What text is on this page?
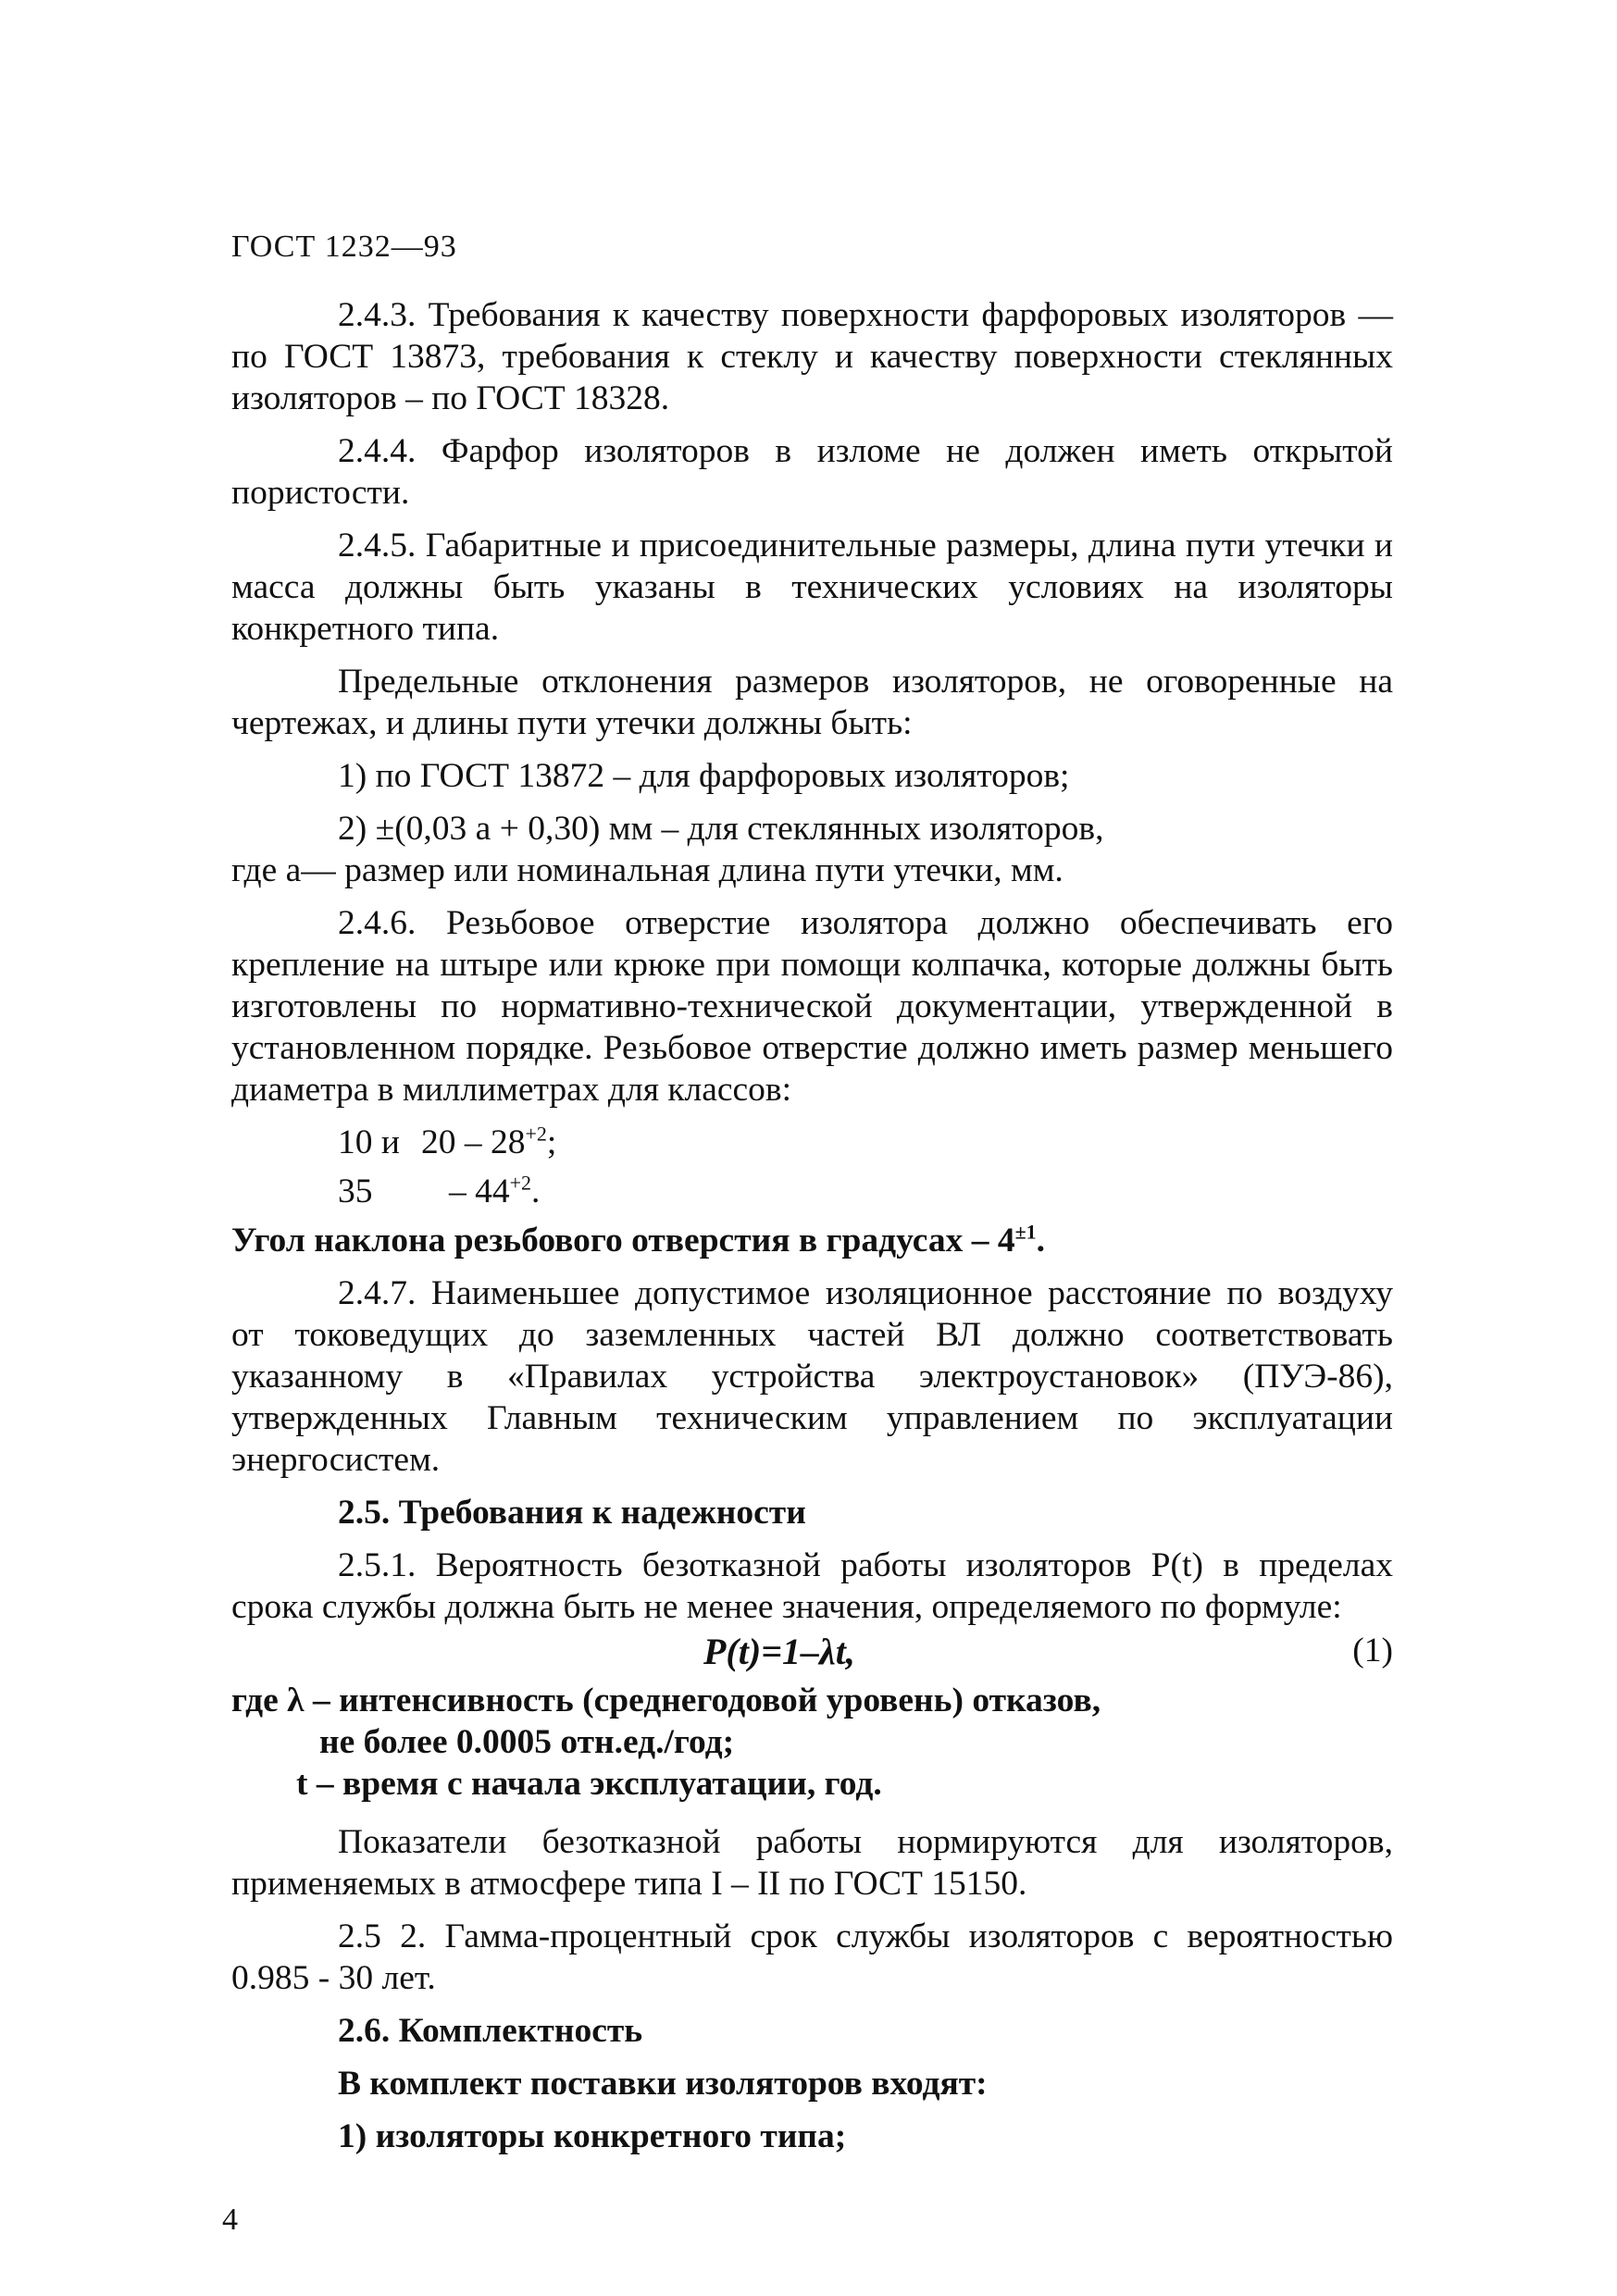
ГОСТ 1232—93

2.4.3. Требования к качеству поверхности фарфоровых изоляторов — по ГОСТ 13873, требования к стеклу и качеству поверхности стеклянных изоляторов – по ГОСТ 18328.

2.4.4. Фарфор изоляторов в изломе не должен иметь открытой пористости.

2.4.5. Габаритные и присоединительные размеры, длина пути утечки и масса должны быть указаны в технических условиях на изоляторы конкретного типа.

Предельные отклонения размеров изоляторов, не оговоренные на чертежах, и длины пути утечки должны быть:

1) по ГОСТ 13872 – для фарфоровых изоляторов;

2) ±(0,03 a + 0,30) мм – для стеклянных изоляторов,

где a— размер или номинальная длина пути утечки, мм.

2.4.6. Резьбовое отверстие изолятора должно обеспечивать его крепление на штыре или крюке при помощи колпачка, которые должны быть изготовлены по нормативно-технической документации, утвержденной в установленном порядке. Резьбовое отверстие должно иметь размер меньшего диаметра в миллиметрах для классов:

10 и $20 - 28^{+2}$;

$35 - 44^{+2}$.

Угол наклона резьбового отверстия в градусах – $4^{\pm 1}$.

2.4.7. Наименьшее допустимое изоляционное расстояние по воздуху от токоведущих до заземленных частей ВЛ должно соответствовать указанному в «Правилах устройства электроустановок» (ПУЭ-86), утвержденных Главным техническим управлением по эксплуатации энергосистем.

2.5. Требования к надежности

2.5.1. Вероятность безотказной работы изоляторов P(t) в пределах срока службы должна быть не менее значения, определяемого по формуле:

P(t)=1–λt,	(1)

где λ – интенсивность (среднегодовой уровень) отказов,

не более 0.0005 отн.ед./год;

t – время с начала эксплуатации, год.

Показатели безотказной работы нормируются для изоляторов, применяемых в атмосфере типа I – II по ГОСТ 15150.

2.5 2. Гамма-процентный срок службы изоляторов с вероятностью 0.985 - 30 лет.

2.6. Комплектность

В комплект поставки изоляторов входят:

1) изоляторы конкретного типа;

4
